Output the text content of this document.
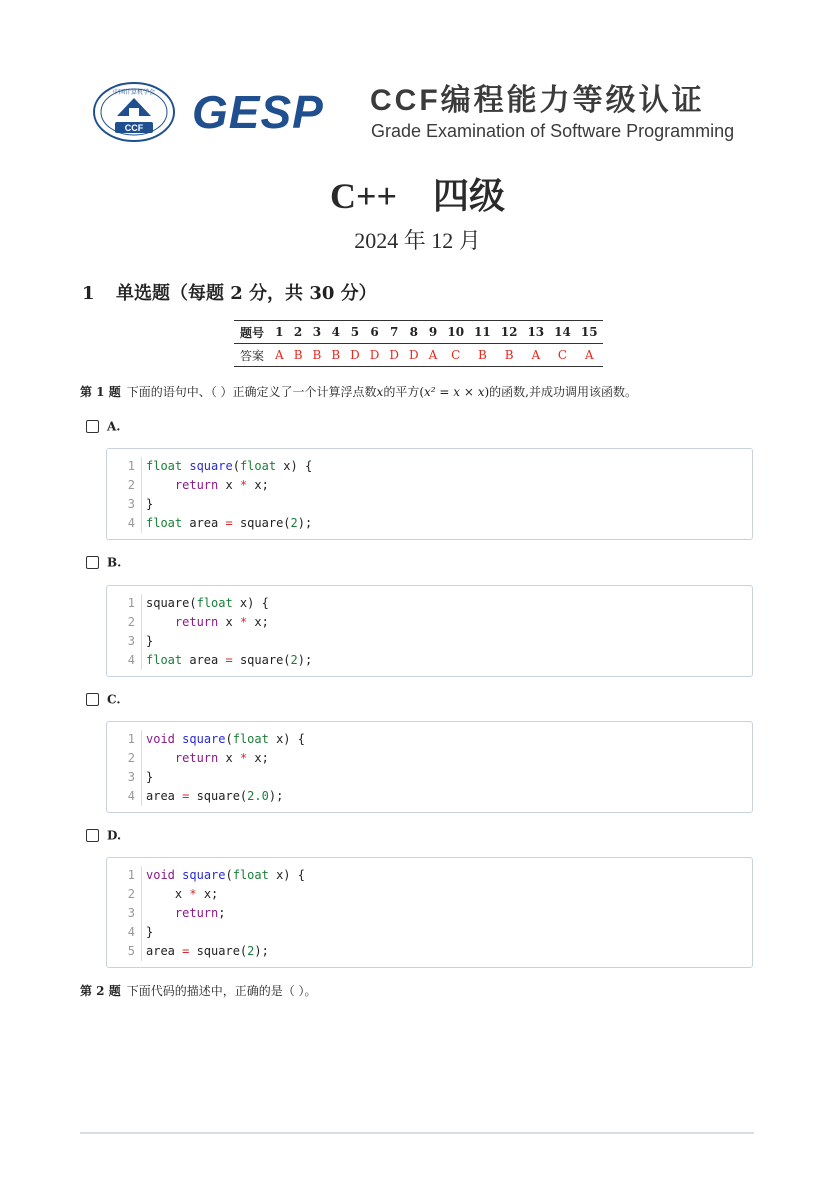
CCF
中国计算机学会 GESP CCF编程能力等级认证
Grade Examination of Software Programming
C++    四级
2024 年 12 月
1 单选题（每题 2 分，共 30 分）
题号	1	2	3	4	5	6	7	8	9	10	11	12	13	14	15
答案	A	B	B	B	D	D	D	D	A	C	B	B	A	C	A
第 1 题 下面的语句中、（ ）正确定义了一个计算浮点数x的平方(x² = x × x)的函数,并成功调用该函数。
A.
1 float square(float x) {
2	return x * x;
3 }
4 float area = square(2);
B.
1 square(float x) {
2	return x * x;
3 }
4 float area = square(2);
C.
1 void square(float x) {
2	return x * x;
3 }
4 area = square(2.0);
D.
1 void square(float x) {
2 x * x;
3	return;
4 }
5 area = square(2);
第 2 题 下面代码的描述中，正确的是（ ）。
